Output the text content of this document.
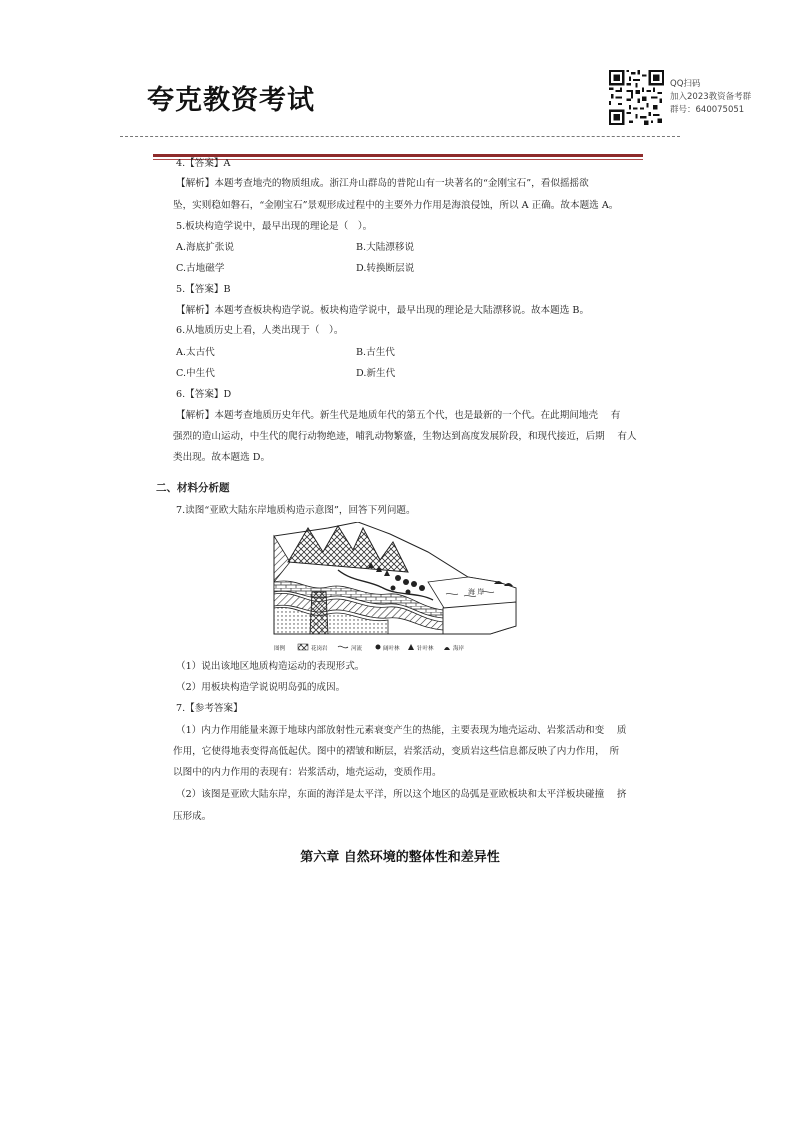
夸克教资考试
QQ扫码
加入2023教资备考群
群号：640075051
4.【答案】A
【解析】本题考查地壳的物质组成。浙江舟山群岛的普陀山有一块著名的“金刚宝石”，看似摇摇欲
坠，实则稳如磐石，“金刚宝石”景观形成过程中的主要外力作用是海浪侵蚀，所以 A 正确。故本题选 A。
5.板块构造学说中，最早出现的理论是（　）。
A.海底扩张说	B.大陆漂移说
C.古地磁学	D.转换断层说
5.【答案】B
【解析】本题考查板块构造学说。板块构造学说中，最早出现的理论是大陆漂移说。故本题选 B。
6.从地质历史上看，人类出现于（　）。
A.太古代	B.古生代
C.中生代	D.新生代
6.【答案】D
【解析】本题考查地质历史年代。新生代是地质年代的第五个代，也是最新的一个代。在此期间地壳　 有
强烈的造山运动，中生代的爬行动物绝迹，哺乳动物繁盛，生物达到高度发展阶段，和现代接近，后期　 有人
类出现。故本题选 D。
7.读图“亚欧大陆东岸地质构造示意图”，回答下列问题。
（1）说出该地区地质构造运动的表现形式。
（2）用板块构造学说说明岛弧的成因。
7.【参考答案】
（1）内力作用能量来源于地球内部放射性元素衰变产生的热能，主要表现为地壳运动、岩浆活动和变　 质
作用，它使得地表变得高低起伏。图中的褶皱和断层，岩浆活动，变质岩这些信息都反映了内力作用，　所
以图中的内力作用的表现有：岩浆活动，地壳运动，变质作用。
（2）该图是亚欧大陆东岸，东面的海洋是太平洋，所以这个地区的岛弧是亚欧板块和太平洋板块碰撞　 挤
压形成。
二、材料分析题
海 岸
图例	花岗岩	河流	阔叶林	针叶林	海岸
第六章 自然环境的整体性和差异性
